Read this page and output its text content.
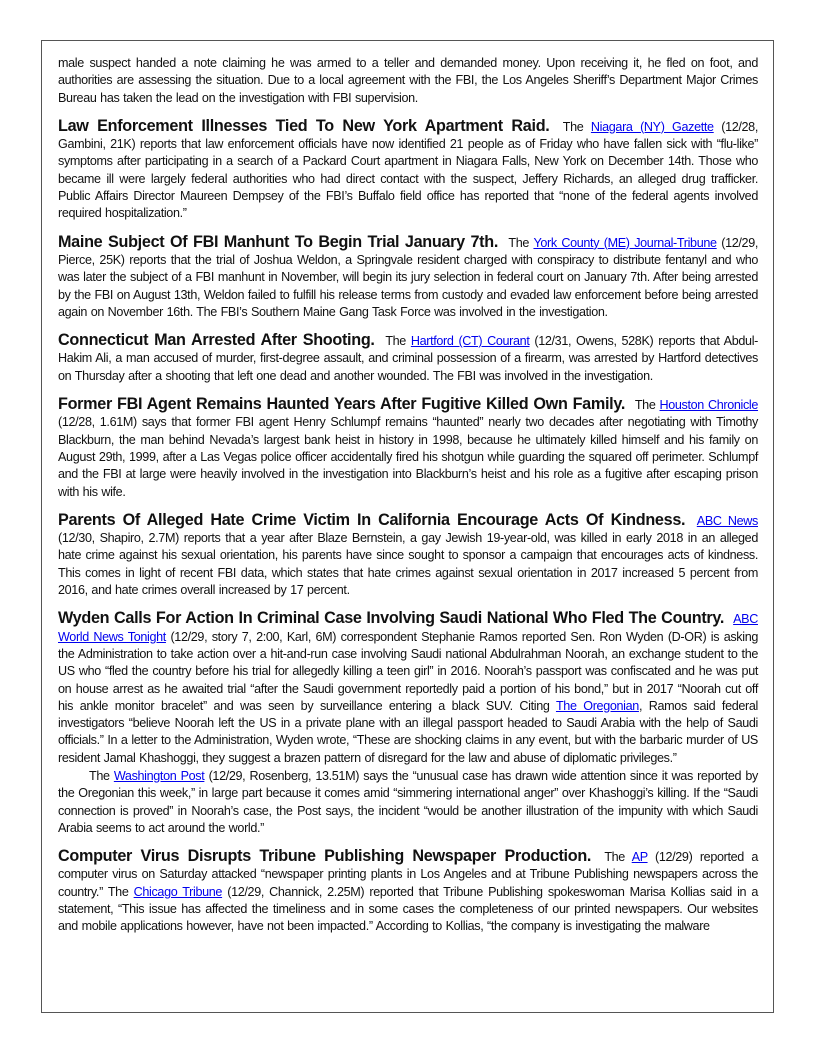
male suspect handed a note claiming he was armed to a teller and demanded money. Upon receiving it, he fled on foot, and authorities are assessing the situation. Due to a local agreement with the FBI, the Los Angeles Sheriff’s Department Major Crimes Bureau has taken the lead on the investigation with FBI supervision.

Law Enforcement Illnesses Tied To New York Apartment Raid. The Niagara (NY) Gazette (12/28, Gambini, 21K) reports that law enforcement officials have now identified 21 people as of Friday who have fallen sick with “flu-like” symptoms after participating in a search of a Packard Court apartment in Niagara Falls, New York on December 14th. Those who became ill were largely federal authorities who had direct contact with the suspect, Jeffery Richards, an alleged drug trafficker. Public Affairs Director Maureen Dempsey of the FBI’s Buffalo field office has reported that “none of the federal agents involved required hospitalization.”

Maine Subject Of FBI Manhunt To Begin Trial January 7th. The York County (ME) Journal-Tribune (12/29, Pierce, 25K) reports that the trial of Joshua Weldon, a Springvale resident charged with conspiracy to distribute fentanyl and who was later the subject of a FBI manhunt in November, will begin its jury selection in federal court on January 7th. After being arrested by the FBI on August 13th, Weldon failed to fulfill his release terms from custody and evaded law enforcement before being arrested again on November 16th. The FBI’s Southern Maine Gang Task Force was involved in the investigation.

Connecticut Man Arrested After Shooting. The Hartford (CT) Courant (12/31, Owens, 528K) reports that Abdul-Hakim Ali, a man accused of murder, first-degree assault, and criminal possession of a firearm, was arrested by Hartford detectives on Thursday after a shooting that left one dead and another wounded. The FBI was involved in the investigation.

Former FBI Agent Remains Haunted Years After Fugitive Killed Own Family. The Houston Chronicle (12/28, 1.61M) says that former FBI agent Henry Schlumpf remains “haunted” nearly two decades after negotiating with Timothy Blackburn, the man behind Nevada’s largest bank heist in history in 1998, because he ultimately killed himself and his family on August 29th, 1999, after a Las Vegas police officer accidentally fired his shotgun while guarding the squared off perimeter. Schlumpf and the FBI at large were heavily involved in the investigation into Blackburn’s heist and his role as a fugitive after escaping prison with his wife.

Parents Of Alleged Hate Crime Victim In California Encourage Acts Of Kindness. ABC News (12/30, Shapiro, 2.7M) reports that a year after Blaze Bernstein, a gay Jewish 19-year-old, was killed in early 2018 in an alleged hate crime against his sexual orientation, his parents have since sought to sponsor a campaign that encourages acts of kindness. This comes in light of recent FBI data, which states that hate crimes against sexual orientation in 2017 increased 5 percent from 2016, and hate crimes overall increased by 17 percent.

Wyden Calls For Action In Criminal Case Involving Saudi National Who Fled The Country. ABC World News Tonight (12/29, story 7, 2:00, Karl, 6M) correspondent Stephanie Ramos reported Sen. Ron Wyden (D-OR) is asking the Administration to take action over a hit-and-run case involving Saudi national Abdulrahman Noorah, an exchange student to the US who “fled the country before his trial for allegedly killing a teen girl” in 2016. Noorah’s passport was confiscated and he was put on house arrest as he awaited trial “after the Saudi government reportedly paid a portion of his bond,” but in 2017 “Noorah cut off his ankle monitor bracelet” and was seen by surveillance entering a black SUV. Citing The Oregonian, Ramos said federal investigators “believe Noorah left the US in a private plane with an illegal passport headed to Saudi Arabia with the help of Saudi officials.” In a letter to the Administration, Wyden wrote, “These are shocking claims in any event, but with the barbaric murder of US resident Jamal Khashoggi, they suggest a brazen pattern of disregard for the law and abuse of diplomatic privileges.”

The Washington Post (12/29, Rosenberg, 13.51M) says the “unusual case has drawn wide attention since it was reported by the Oregonian this week,” in large part because it comes amid “simmering international anger” over Khashoggi’s killing. If the “Saudi connection is proved” in Noorah’s case, the Post says, the incident “would be another illustration of the impunity with which Saudi Arabia seems to act around the world.”

Computer Virus Disrupts Tribune Publishing Newspaper Production. The AP (12/29) reported a computer virus on Saturday attacked “newspaper printing plants in Los Angeles and at Tribune Publishing newspapers across the country.” The Chicago Tribune (12/29, Channick, 2.25M) reported that Tribune Publishing spokeswoman Marisa Kollias said in a statement, “This issue has affected the timeliness and in some cases the completeness of our printed newspapers. Our websites and mobile applications however, have not been impacted.” According to Kollias, “the company is investigating the malware
